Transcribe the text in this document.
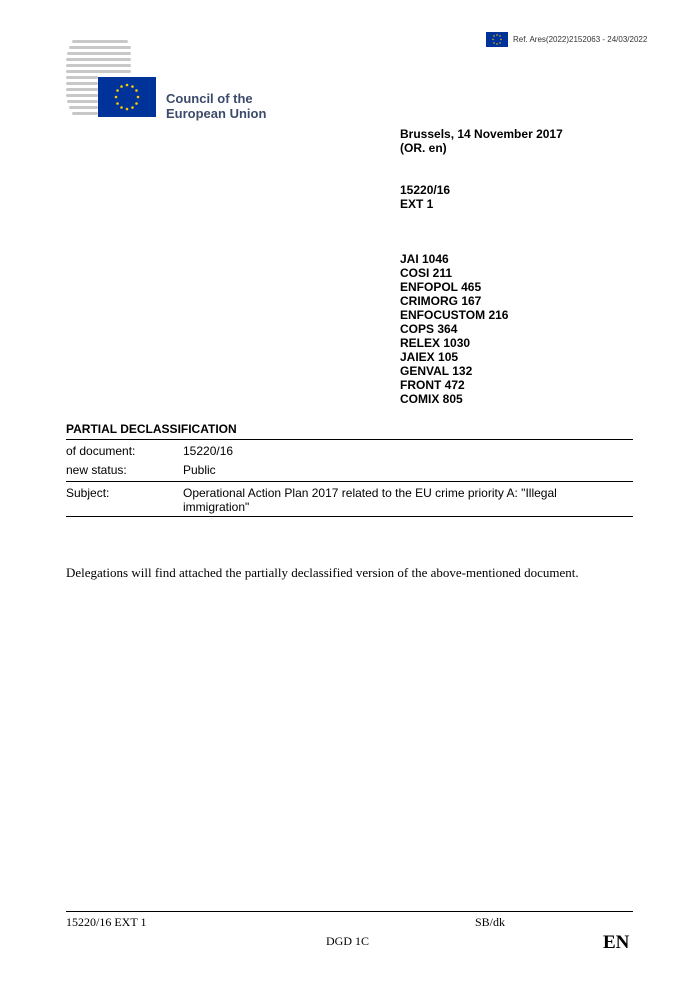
Ref. Ares(2022)2152063 - 24/03/2022
Council of the
European Union
Brussels, 14 November 2017
(OR. en)
15220/16
EXT 1
JAI 1046
COSI 211
ENFOPOL 465
CRIMORG 167
ENFOCUSTOM 216
COPS 364
RELEX 1030
JAIEX 105
GENVAL 132
FRONT 472
COMIX 805
PARTIAL DECLASSIFICATION
of document:	15220/16
new status:	Public
Subject:	Operational Action Plan 2017 related to the EU crime priority A: "Illegal immigration"
Delegations will find attached the partially declassified version of the above-mentioned document.
15220/16 EXT 1	SB/dk
DGD 1C	EN
